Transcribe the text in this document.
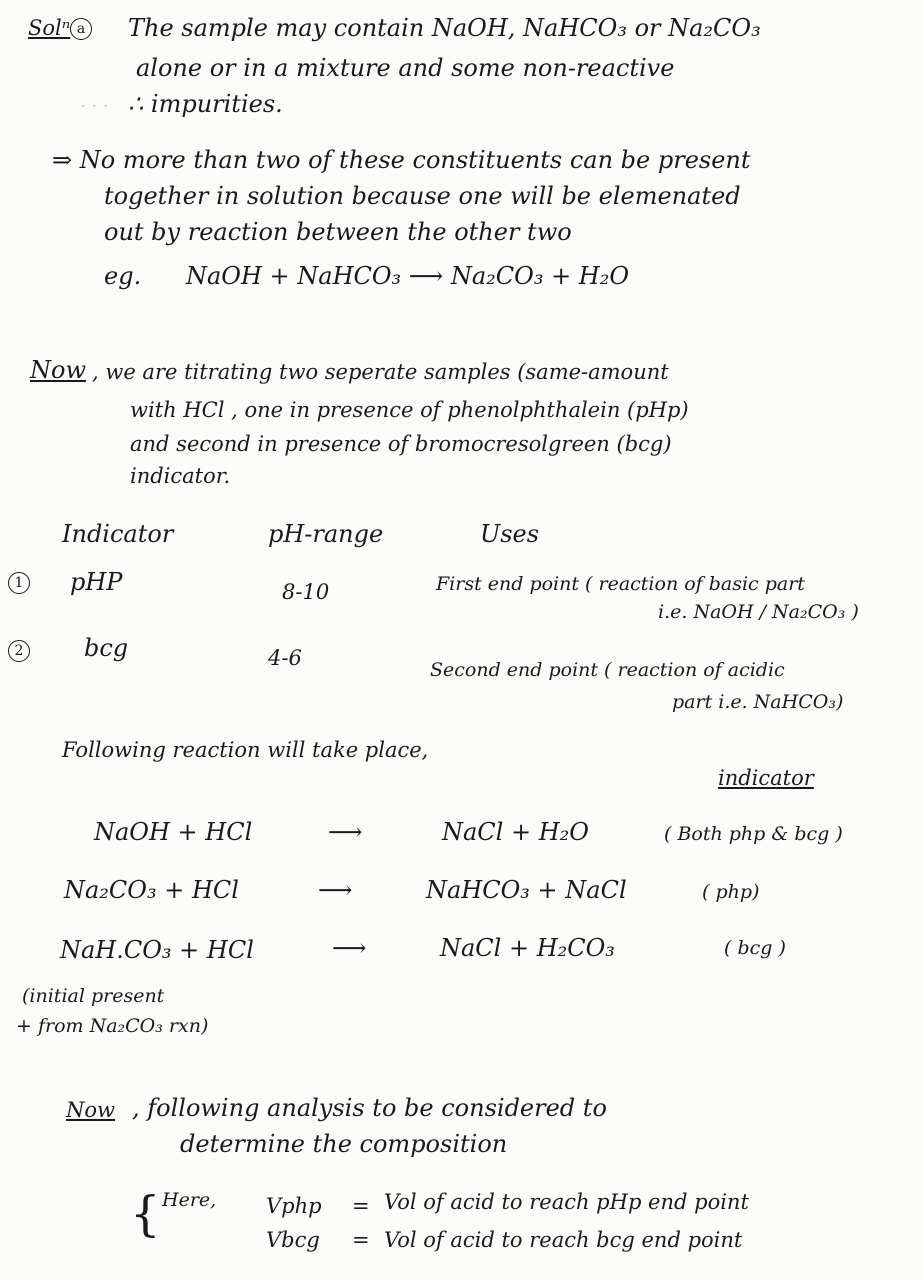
Solⁿ a The sample may contain NaOH, NaHCO₃ or Na₂CO₃
alone or in a mixture and some non-reactive
∴ impurities.
· · ·
⇒ No more than two of these constituents can be present
together in solution because one will be elemenated
out by reaction between the other two
eg. NaOH + NaHCO₃ ⟶ Na₂CO₃ + H₂O
Now , we are titrating two seperate samples (same-amount
with HCl , one in presence of phenolphthalein (pHp)
and second in presence of bromocresolgreen (bcg)
indicator.
Indicator	pH-range	Uses
1 pHP	8-10	First end point ( reaction of basic part
i.e. NaOH / Na₂CO₃ )
2	bcg	4-6	Second end point ( reaction of acidic
part i.e. NaHCO₃)
Following reaction will take place,
indicator
NaOH + HCl	⟶	NaCl + H₂O	( Both php & bcg )
Na₂CO₃ + HCl	⟶	NaHCO₃ + NaCl	( php)
NaH.CO₃ + HCl	⟶	NaCl + H₂CO₃	( bcg )
(initial present
+ from Na₂CO₃ rxn)
Now , following analysis to be considered to
determine the composition
{ Here, Vphp = Vol of acid to reach pHp end point
Vbcg = Vol of acid to reach bcg end point
